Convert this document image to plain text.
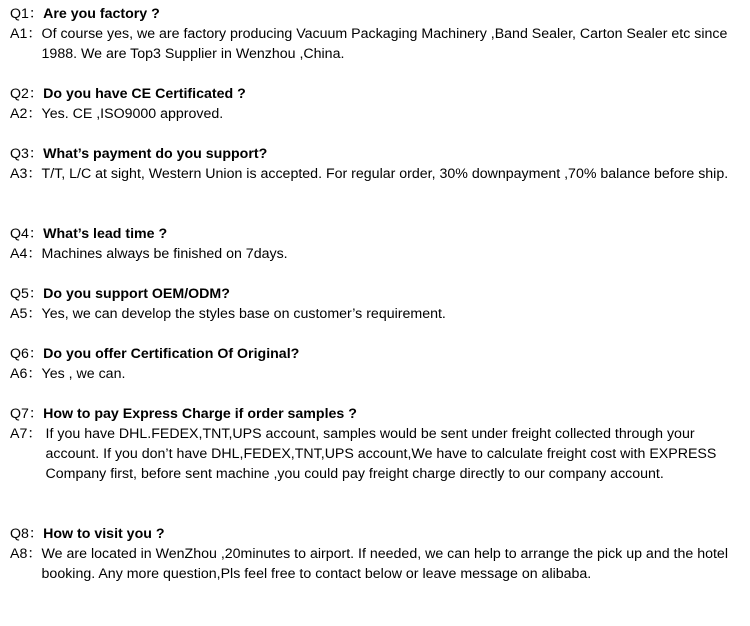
Q1： Are you factory ?
A1： Of course yes, we are factory producing Vacuum Packaging Machinery ,Band Sealer, Carton Sealer etc since 1988. We are Top3 Supplier in Wenzhou ,China.
Q2： Do you have CE Certificated ?
A2： Yes. CE ,ISO9000 approved.
Q3： What’s payment do you support?
A3： T/T, L/C at sight, Western Union is accepted. For regular order, 30% downpayment ,70% balance before ship.
Q4： What’s lead time ?
A4： Machines always be finished on 7days.
Q5： Do you support OEM/ODM?
A5： Yes, we can develop the styles base on customer’s requirement.
Q6： Do you offer Certification Of Original?
A6： Yes , we can.
Q7： How to pay Express Charge if order samples ?
A7： If you have DHL.FEDEX,TNT,UPS account, samples would be sent under freight collected through your account. If you don’t have DHL,FEDEX,TNT,UPS account,We have to calculate freight cost with EXPRESS Company first, before sent machine ,you could pay freight charge directly to our company account.
Q8： How to visit you ?
A8： We are located in WenZhou ,20minutes to airport. If needed, we can help to arrange the pick up and the hotel booking. Any more question,Pls feel free to contact below or leave message on alibaba.
